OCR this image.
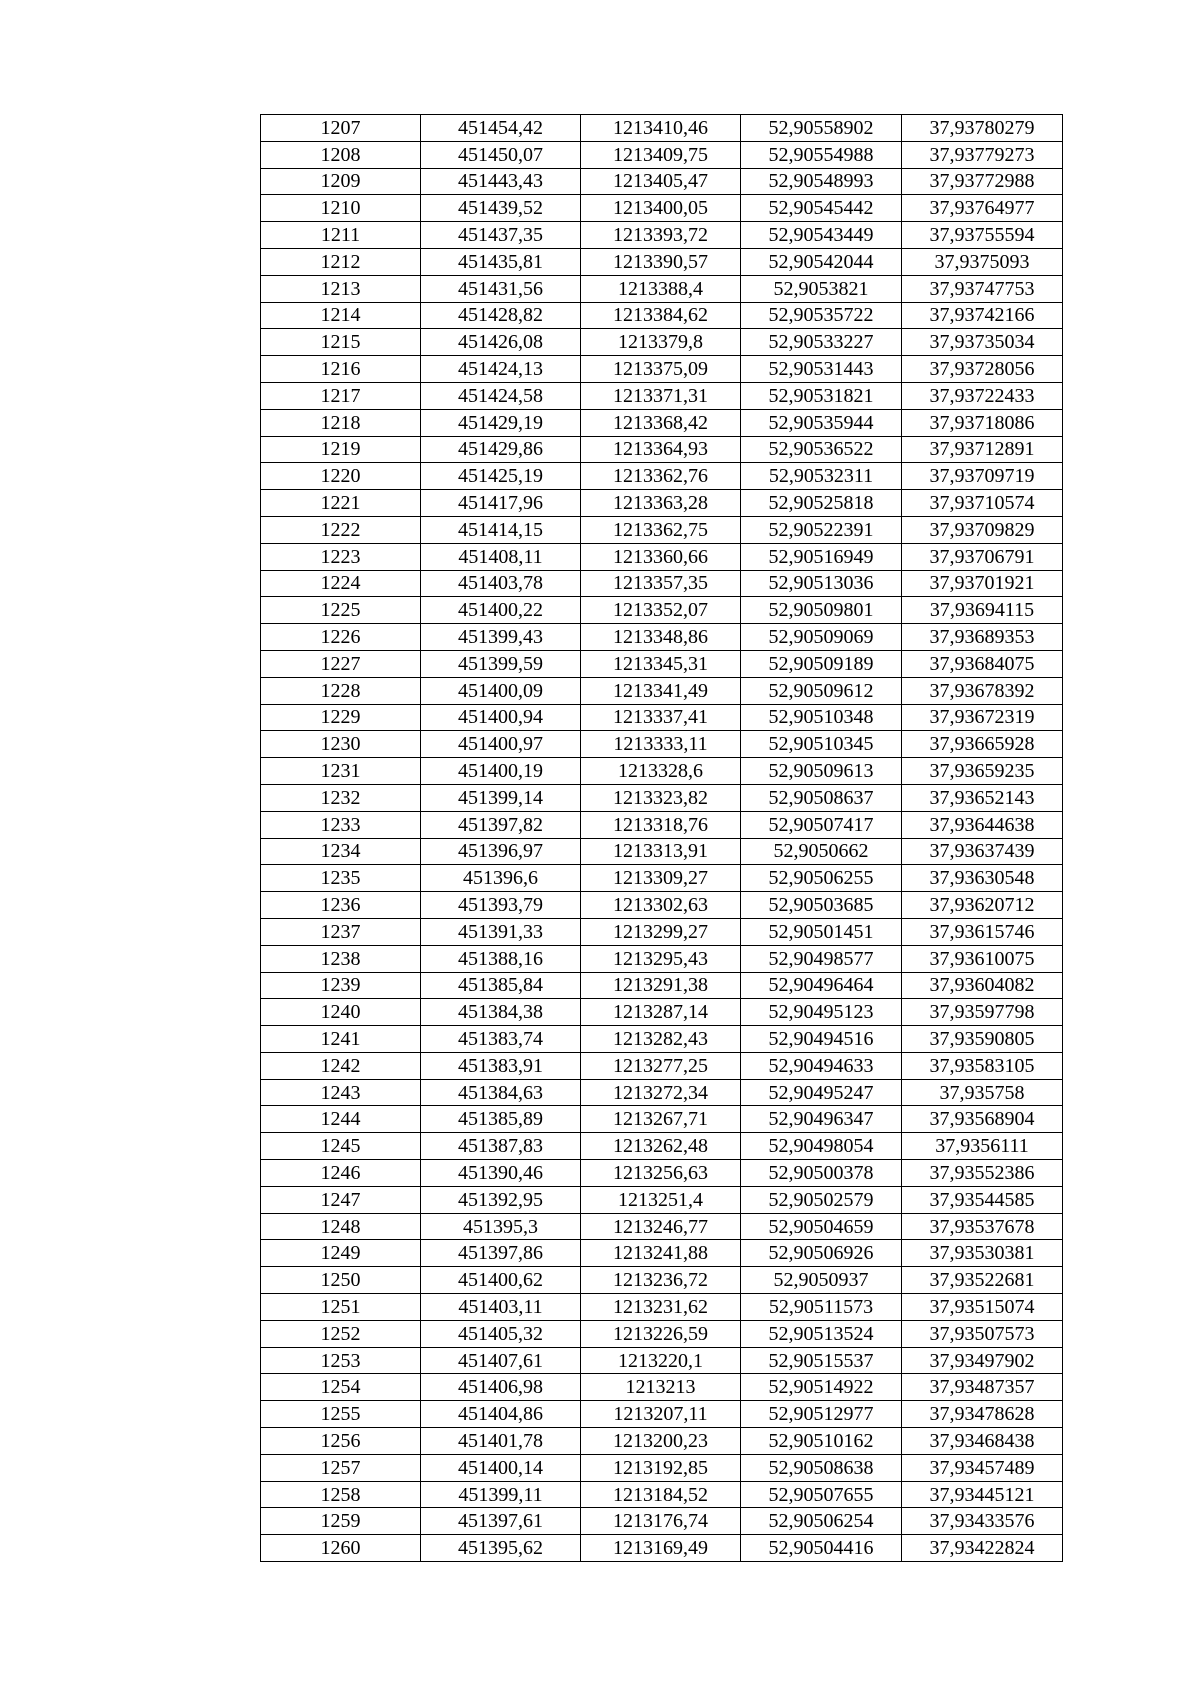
1207	451454,42	1213410,46	52,90558902	37,93780279
1208	451450,07	1213409,75	52,90554988	37,93779273
1209	451443,43	1213405,47	52,90548993	37,93772988
1210	451439,52	1213400,05	52,90545442	37,93764977
1211	451437,35	1213393,72	52,90543449	37,93755594
1212	451435,81	1213390,57	52,90542044	37,9375093
1213	451431,56	1213388,4	52,9053821	37,93747753
1214	451428,82	1213384,62	52,90535722	37,93742166
1215	451426,08	1213379,8	52,90533227	37,93735034
1216	451424,13	1213375,09	52,90531443	37,93728056
1217	451424,58	1213371,31	52,90531821	37,93722433
1218	451429,19	1213368,42	52,90535944	37,93718086
1219	451429,86	1213364,93	52,90536522	37,93712891
1220	451425,19	1213362,76	52,90532311	37,93709719
1221	451417,96	1213363,28	52,90525818	37,93710574
1222	451414,15	1213362,75	52,90522391	37,93709829
1223	451408,11	1213360,66	52,90516949	37,93706791
1224	451403,78	1213357,35	52,90513036	37,93701921
1225	451400,22	1213352,07	52,90509801	37,93694115
1226	451399,43	1213348,86	52,90509069	37,93689353
1227	451399,59	1213345,31	52,90509189	37,93684075
1228	451400,09	1213341,49	52,90509612	37,93678392
1229	451400,94	1213337,41	52,90510348	37,93672319
1230	451400,97	1213333,11	52,90510345	37,93665928
1231	451400,19	1213328,6	52,90509613	37,93659235
1232	451399,14	1213323,82	52,90508637	37,93652143
1233	451397,82	1213318,76	52,90507417	37,93644638
1234	451396,97	1213313,91	52,9050662	37,93637439
1235	451396,6	1213309,27	52,90506255	37,93630548
1236	451393,79	1213302,63	52,90503685	37,93620712
1237	451391,33	1213299,27	52,90501451	37,93615746
1238	451388,16	1213295,43	52,90498577	37,93610075
1239	451385,84	1213291,38	52,90496464	37,93604082
1240	451384,38	1213287,14	52,90495123	37,93597798
1241	451383,74	1213282,43	52,90494516	37,93590805
1242	451383,91	1213277,25	52,90494633	37,93583105
1243	451384,63	1213272,34	52,90495247	37,935758
1244	451385,89	1213267,71	52,90496347	37,93568904
1245	451387,83	1213262,48	52,90498054	37,9356111
1246	451390,46	1213256,63	52,90500378	37,93552386
1247	451392,95	1213251,4	52,90502579	37,93544585
1248	451395,3	1213246,77	52,90504659	37,93537678
1249	451397,86	1213241,88	52,90506926	37,93530381
1250	451400,62	1213236,72	52,9050937	37,93522681
1251	451403,11	1213231,62	52,90511573	37,93515074
1252	451405,32	1213226,59	52,90513524	37,93507573
1253	451407,61	1213220,1	52,90515537	37,93497902
1254	451406,98	1213213	52,90514922	37,93487357
1255	451404,86	1213207,11	52,90512977	37,93478628
1256	451401,78	1213200,23	52,90510162	37,93468438
1257	451400,14	1213192,85	52,90508638	37,93457489
1258	451399,11	1213184,52	52,90507655	37,93445121
1259	451397,61	1213176,74	52,90506254	37,93433576
1260	451395,62	1213169,49	52,90504416	37,93422824
